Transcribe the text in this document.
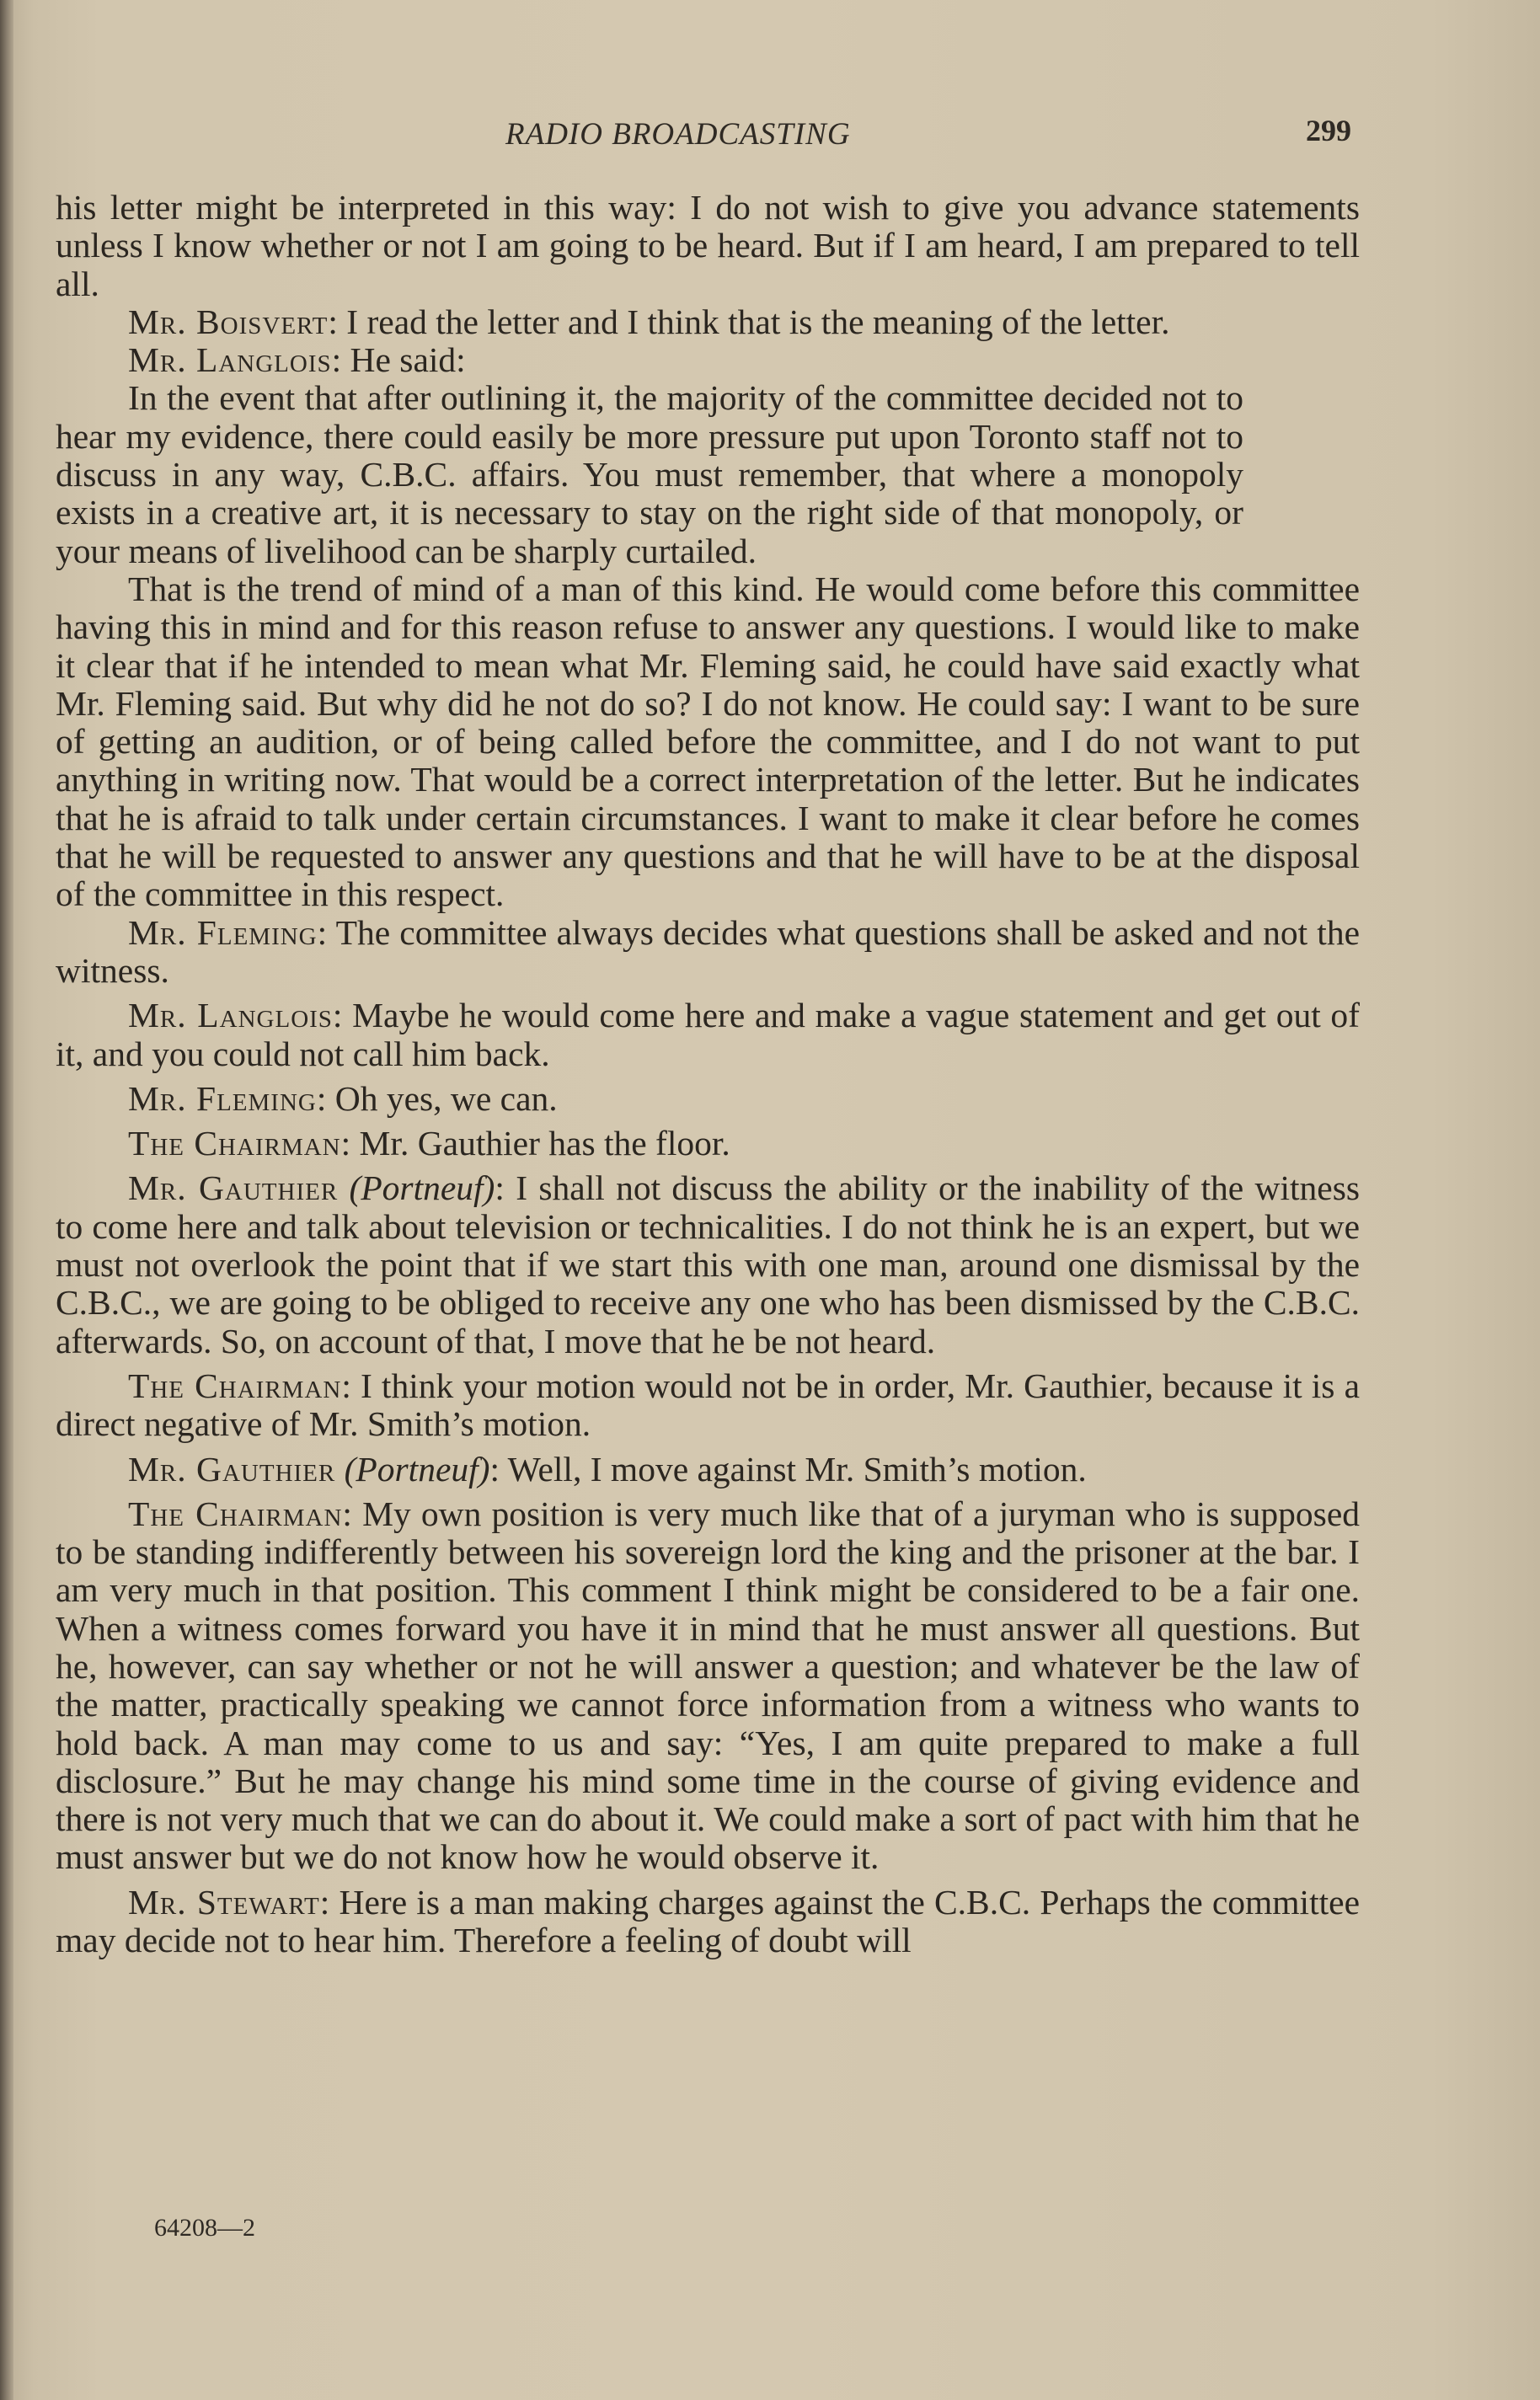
RADIO BROADCASTING	299

his letter might be interpreted in this way: I do not wish to give you advance statements unless I know whether or not I am going to be heard. But if I am heard, I am prepared to tell all.

Mr. Boisvert: I read the letter and I think that is the meaning of the letter.

Mr. Langlois: He said:

In the event that after outlining it, the majority of the committee decided not to hear my evidence, there could easily be more pressure put upon Toronto staff not to discuss in any way, C.B.C. affairs. You must remember, that where a monopoly exists in a creative art, it is necessary to stay on the right side of that monopoly, or your means of livelihood can be sharply curtailed.

That is the trend of mind of a man of this kind. He would come before this committee having this in mind and for this reason refuse to answer any questions. I would like to make it clear that if he intended to mean what Mr. Fleming said, he could have said exactly what Mr. Fleming said. But why did he not do so? I do not know. He could say: I want to be sure of getting an audition, or of being called before the committee, and I do not want to put anything in writing now. That would be a correct interpretation of the letter. But he indicates that he is afraid to talk under certain circumstances. I want to make it clear before he comes that he will be requested to answer any questions and that he will have to be at the disposal of the committee in this respect.

Mr. Fleming: The committee always decides what questions shall be asked and not the witness.

Mr. Langlois: Maybe he would come here and make a vague statement and get out of it, and you could not call him back.

Mr. Fleming: Oh yes, we can.

The Chairman: Mr. Gauthier has the floor.

Mr. Gauthier (Portneuf): I shall not discuss the ability or the inability of the witness to come here and talk about television or technicalities. I do not think he is an expert, but we must not overlook the point that if we start this with one man, around one dismissal by the C.B.C., we are going to be obliged to receive any one who has been dismissed by the C.B.C. afterwards. So, on account of that, I move that he be not heard.

The Chairman: I think your motion would not be in order, Mr. Gauthier, because it is a direct negative of Mr. Smith’s motion.

Mr. Gauthier (Portneuf): Well, I move against Mr. Smith’s motion.

The Chairman: My own position is very much like that of a juryman who is supposed to be standing indifferently between his sovereign lord the king and the prisoner at the bar. I am very much in that position. This comment I think might be considered to be a fair one. When a witness comes forward you have it in mind that he must answer all questions. But he, however, can say whether or not he will answer a question; and whatever be the law of the matter, practically speaking we cannot force information from a witness who wants to hold back. A man may come to us and say: “Yes, I am quite prepared to make a full disclosure.” But he may change his mind some time in the course of giving evidence and there is not very much that we can do about it. We could make a sort of pact with him that he must answer but we do not know how he would observe it.

Mr. Stewart: Here is a man making charges against the C.B.C. Perhaps the committee may decide not to hear him. Therefore a feeling of doubt will

64208—2
